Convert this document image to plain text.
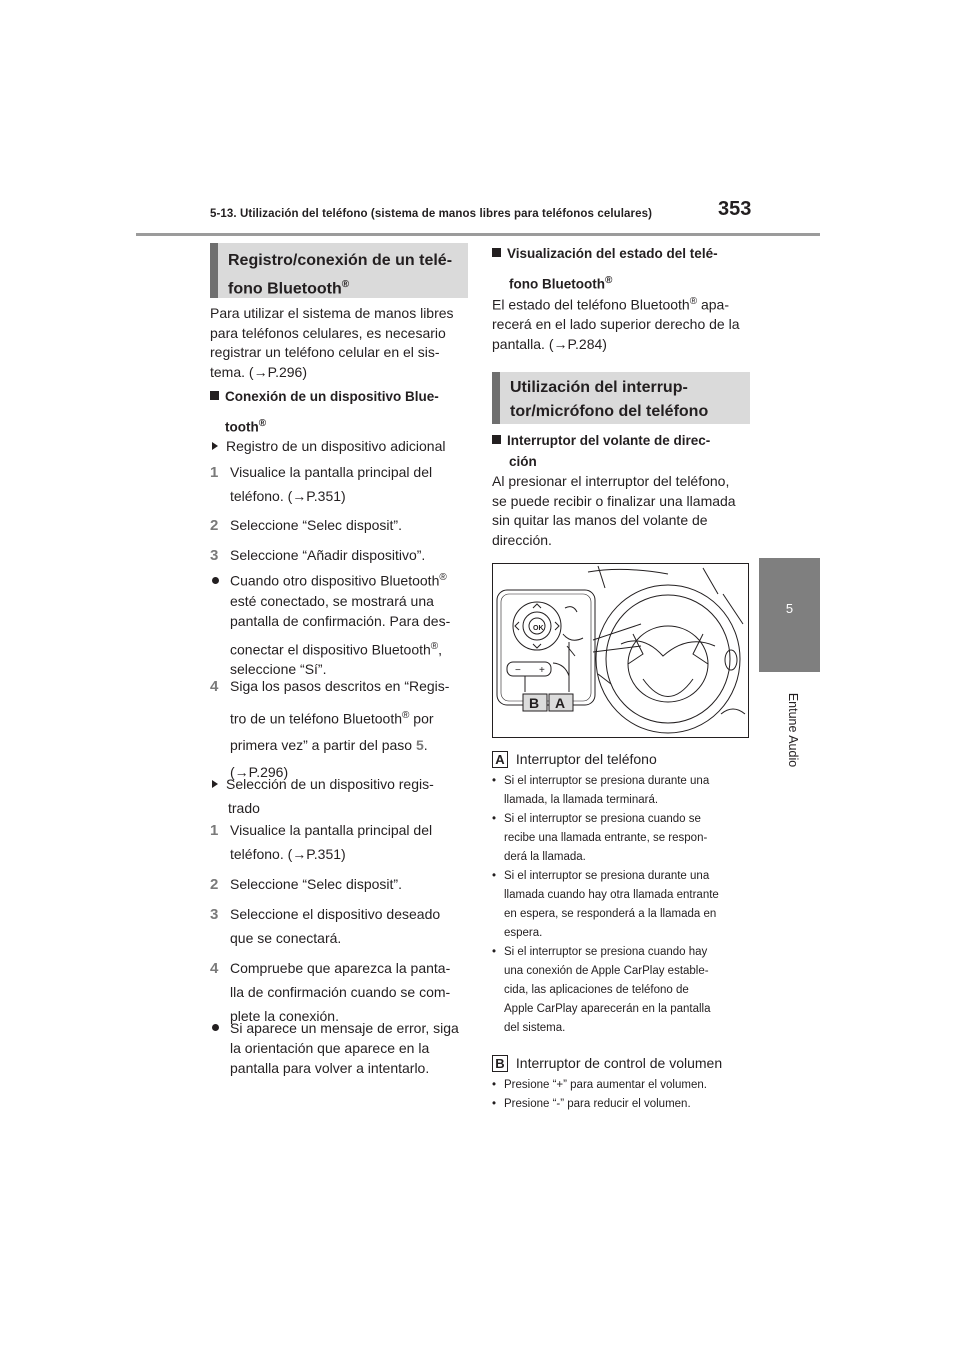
5-13. Utilización del teléfono (sistema de manos libres para teléfonos celulares)	353
5
Entune Audio
Registro/conexión de un telé-
fono Bluetooth®

Para utilizar el sistema de manos libres

para teléfonos celulares, es necesario

registrar un teléfono celular en el sis-

tema. (→P.296)

Conexión de un dispositivo Blue-
tooth®
Registro de un dispositivo adicional
1 Visualice la pantalla principal del
teléfono. (→P.351)
2 Seleccione “Selec disposit”.
3 Seleccione “Añadir dispositivo”.
Cuando otro dispositivo Bluetooth®
esté conectado, se mostrará una
pantalla de confirmación. Para des-
conectar el dispositivo Bluetooth®,
seleccione “Sí”.
4 Siga los pasos descritos en “Regis-
tro de un teléfono Bluetooth® por
primera vez” a partir del paso 5.
(→P.296)
Selección de un dispositivo regis-
trado
1 Visualice la pantalla principal del
teléfono. (→P.351)
2 Seleccione “Selec disposit”.
3 Seleccione el dispositivo deseado
que se conectará.
4 Compruebe que aparezca la panta-
lla de confirmación cuando se com-
plete la conexión.
Si aparece un mensaje de error, siga
la orientación que aparece en la
pantalla para volver a intentarlo.
Visualización del estado del telé-
fono Bluetooth®

El estado del teléfono Bluetooth® apa-

recerá en el lado superior derecho de la

pantalla. (→P.284)

Utilización del interrup-
tor/micrófono del teléfono
Interruptor del volante de direc-
ción

Al presionar el interruptor del teléfono,

se puede recibir o finalizar una llamada

sin quitar las manos del volante de

dirección.

OK
− +
B A
A Interruptor del teléfono
• Si el interruptor se presiona durante una
llamada, la llamada terminará.
• Si el interruptor se presiona cuando se
recibe una llamada entrante, se respon-
derá la llamada.
• Si el interruptor se presiona durante una
llamada cuando hay otra llamada entrante
en espera, se responderá a la llamada en
espera.
• Si el interruptor se presiona cuando hay
una conexión de Apple CarPlay estable-
cida, las aplicaciones de teléfono de
Apple CarPlay aparecerán en la pantalla
del sistema.
B Interruptor de control de volumen
• Presione “+” para aumentar el volumen.
• Presione “-” para reducir el volumen.
